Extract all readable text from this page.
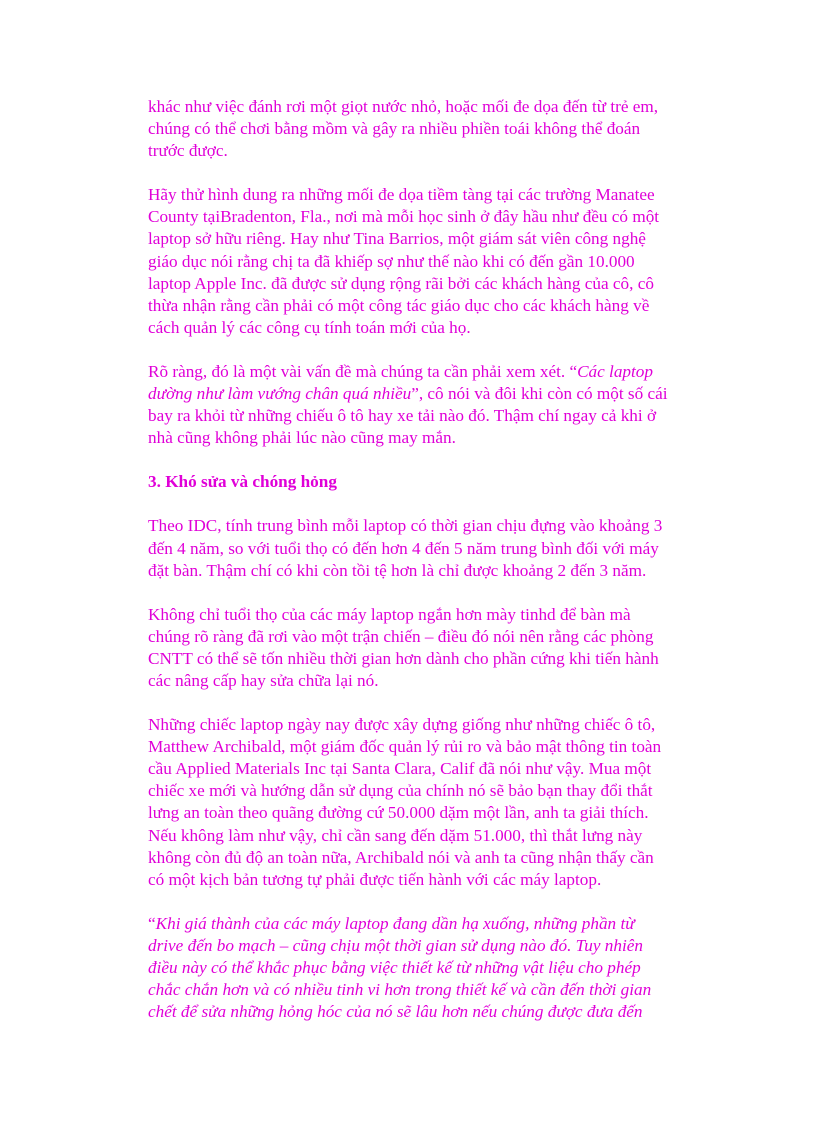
khác như việc đánh rơi một giọt nước nhỏ, hoặc mối đe dọa đến từ trẻ em, chúng có thể chơi bằng mồm và gây ra nhiều phiền toái không thể đoán trước được.

Hãy thử hình dung ra những mối đe dọa tiềm tàng tại các trường Manatee County tạiBradenton, Fla., nơi mà mỗi học sinh ở đây hầu như đều có một laptop sở hữu riêng. Hay như Tina Barrios, một giám sát viên công nghệ giáo dục nói rằng chị ta đã khiếp sợ như thế nào khi có đến gần 10.000 laptop Apple Inc. đã được sử dụng rộng rãi bởi các khách hàng của cô, cô thừa nhận rằng cần phải có một công tác giáo dục cho các khách hàng về cách quản lý các công cụ tính toán mới của họ.

Rõ ràng, đó là một vài vấn đề mà chúng ta cần phải xem xét. “Các laptop dường như làm vướng chân quá nhiều”, cô nói và đôi khi còn có một số cái bay ra khỏi từ những chiếu ô tô hay xe tải nào đó. Thậm chí ngay cả khi ở nhà cũng không phải lúc nào cũng may mắn.

3. Khó sửa và chóng hỏng

Theo IDC, tính trung bình mỗi laptop có thời gian chịu đựng vào khoảng 3 đến 4 năm, so với tuổi thọ có đến hơn 4 đến 5 năm trung bình đối với máy đặt bàn. Thậm chí có khi còn tồi tệ hơn là chỉ được khoảng 2 đến 3 năm.

Không chỉ tuổi thọ của các máy laptop ngắn hơn mày tinhd để bàn mà chúng rõ ràng đã rơi vào một trận chiến – điều đó nói nên rằng các phòng CNTT có thể sẽ tốn nhiều thời gian hơn dành cho phần cứng khi tiến hành các nâng cấp hay sửa chữa lại nó.

Những chiếc laptop ngày nay được xây dựng giống như những chiếc ô tô, Matthew Archibald, một giám đốc quản lý rủi ro và bảo mật thông tin toàn cầu Applied Materials Inc tại Santa Clara, Calif đã nói như vậy. Mua một chiếc xe mới và hướng dẫn sử dụng của chính nó sẽ bảo bạn thay đổi thắt lưng an toàn theo quãng đường cứ 50.000 dặm một lần, anh ta giải thích. Nếu không làm như vậy, chỉ cần sang đến dặm 51.000, thì thắt lưng này không còn đủ độ an toàn nữa, Archibald nói và anh ta cũng nhận thấy cần có một kịch bản tương tự phải được tiến hành với các máy laptop.

“Khi giá thành của các máy laptop đang dần hạ xuống, những phần từ drive đến bo mạch – cũng chịu một thời gian sử dụng nào đó. Tuy nhiên điều này có thể khắc phục bằng việc thiết kế từ những vật liệu cho phép chắc chắn hơn và có nhiều tinh vi hơn trong thiết kế và cần đến thời gian chết để sửa những hỏng hóc của nó sẽ lâu hơn nếu chúng được đưa đến
